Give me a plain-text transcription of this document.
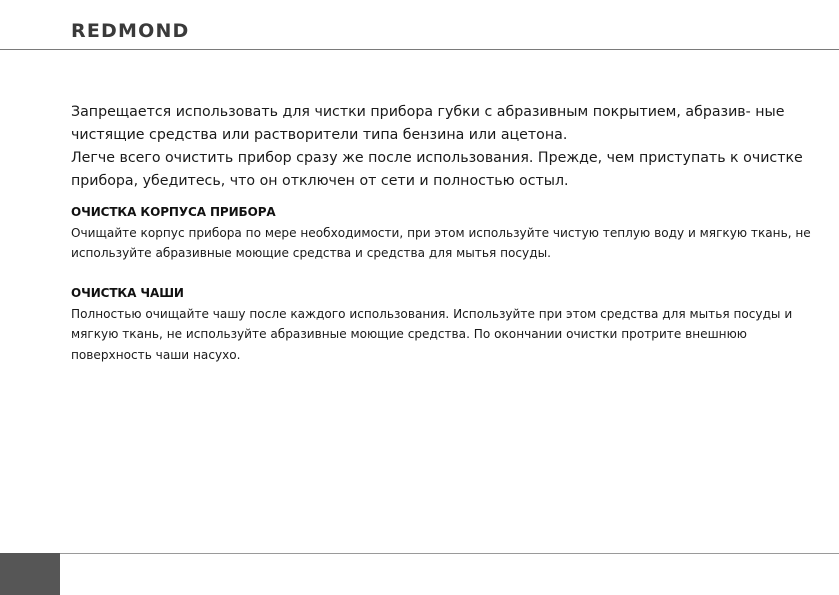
REDMOND

Запрещается использовать для чистки прибора губки с абразивным покрытием, абразив- ные чистящие средства или растворители типа бензина или ацетона.

Легче всего очистить прибор сразу же после использования. Прежде, чем приступать к очистке прибора, убедитесь, что он отключен от сети и полностью остыл.

ОЧИСТКА КОРПУСА ПРИБОРА

Очищайте корпус прибора по мере необходимости, при этом используйте чистую теплую воду и мягкую ткань, не используйте абразивные моющие средства и средства для мытья посуды.

ОЧИСТКА ЧАШИ

Полностью очищайте чашу после каждого использования. Используйте при этом средства для мытья посуды и мягкую ткань, не используйте абразивные моющие средства. По окончании очистки протрите внешнюю поверхность чаши насухо.
